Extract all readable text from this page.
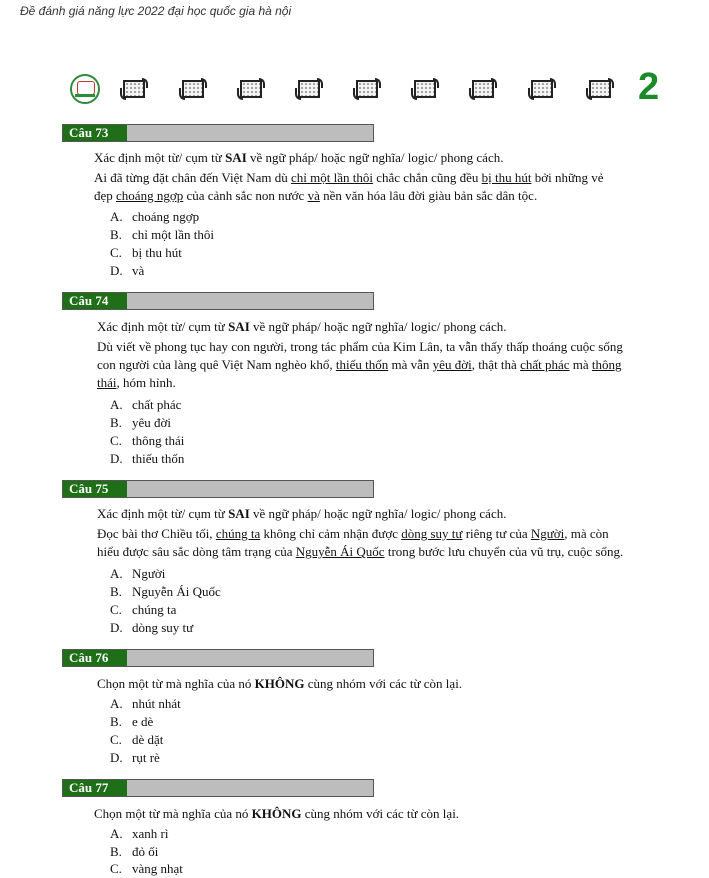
Đề đánh giá năng lực 2022 đại học quốc gia hà nội
2
Câu 73
Xác định một từ/ cụm từ SAI về ngữ pháp/ hoặc ngữ nghĩa/ logic/ phong cách.
Ai đã từng đặt chân đến Việt Nam dù chỉ một lần thôi chắc chắn cũng đều bị thu hút bởi những vẻ
đẹp choáng ngợp của cảnh sắc non nước và nền văn hóa lâu đời giàu bản sắc dân tộc.
A. choáng ngợp
B. chỉ một lần thôi
C. bị thu hút
D. và
Câu 74
Xác định một từ/ cụm từ SAI về ngữ pháp/ hoặc ngữ nghĩa/ logic/ phong cách.
Dù viết về phong tục hay con người, trong tác phẩm của Kim Lân, ta vẫn thấy thấp thoáng cuộc sống
con người của làng quê Việt Nam nghèo khổ, thiếu thốn mà vẫn yêu đời, thật thà chất phác mà thông
thái, hóm hỉnh.
A. chất phác
B. yêu đời
C. thông thái
D. thiếu thốn
Câu 75
Xác định một từ/ cụm từ SAI về ngữ pháp/ hoặc ngữ nghĩa/ logic/ phong cách.
Đọc bài thơ Chiều tối, chúng ta không chỉ cảm nhận được dòng suy tư riêng tư của Người, mà còn
hiểu được sâu sắc dòng tâm trạng của Nguyễn Ái Quốc trong bước lưu chuyển của vũ trụ, cuộc sống.
A. Người
B. Nguyễn Ái Quốc
C. chúng ta
D. dòng suy tư
Câu 76
Chọn một từ mà nghĩa của nó KHÔNG cùng nhóm với các từ còn lại.
A. nhút nhát
B. e dè
C. dè dặt
D. rụt rè
Câu 77
Chọn một từ mà nghĩa của nó KHÔNG cùng nhóm với các từ còn lại.
A. xanh rì
B. đỏ ối
C. vàng nhạt
